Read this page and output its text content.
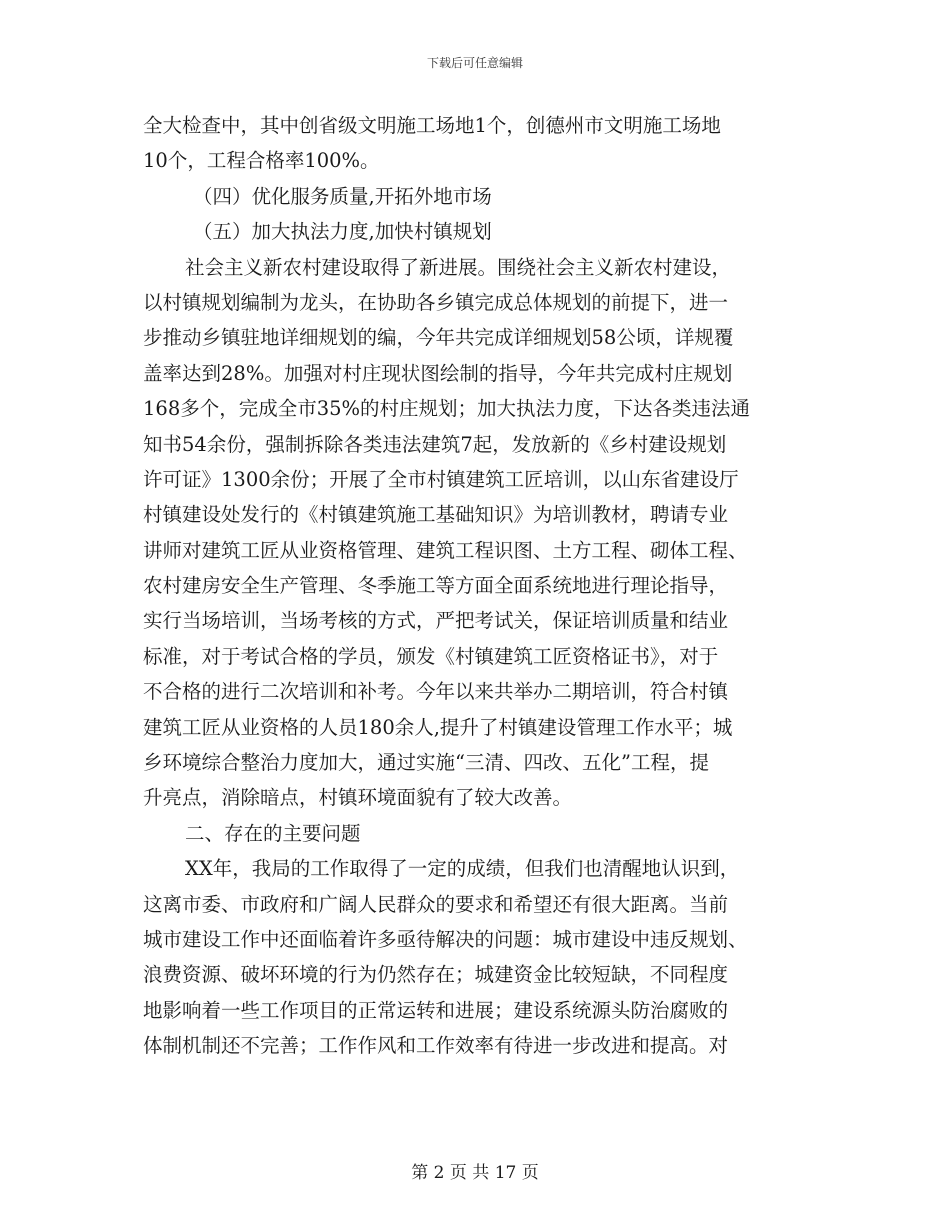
下载后可任意编辑
全大检查中，其中创省级文明施工场地1个，创德州市文明施工场地
10个，工程合格率100%。
（四）优化服务质量,开拓外地市场
（五）加大执法力度,加快村镇规划
社会主义新农村建设取得了新进展。围绕社会主义新农村建设，
以村镇规划编制为龙头，在协助各乡镇完成总体规划的前提下，进一
步推动乡镇驻地详细规划的编，今年共完成详细规划58公顷，详规覆
盖率达到28%。加强对村庄现状图绘制的指导，今年共完成村庄规划
168多个，完成全市35%的村庄规划；加大执法力度，下达各类违法通
知书54余份，强制拆除各类违法建筑7起，发放新的《乡村建设规划
许可证》1300余份；开展了全市村镇建筑工匠培训，以山东省建设厅
村镇建设处发行的《村镇建筑施工基础知识》为培训教材，聘请专业
讲师对建筑工匠从业资格管理、建筑工程识图、土方工程、砌体工程、
农村建房安全生产管理、冬季施工等方面全面系统地进行理论指导，
实行当场培训，当场考核的方式，严把考试关，保证培训质量和结业
标准，对于考试合格的学员，颁发《村镇建筑工匠资格证书》，对于
不合格的进行二次培训和补考。今年以来共举办二期培训，符合村镇
建筑工匠从业资格的人员180余人,提升了村镇建设管理工作水平；城
乡环境综合整治力度加大，通过实施“三清、四改、五化”工程，提
升亮点，消除暗点，村镇环境面貌有了较大改善。
二、存在的主要问题
XX年，我局的工作取得了一定的成绩，但我们也清醒地认识到，
这离市委、市政府和广阔人民群众的要求和希望还有很大距离。当前
城市建设工作中还面临着许多亟待解决的问题：城市建设中违反规划、
浪费资源、破坏环境的行为仍然存在；城建资金比较短缺，不同程度
地影响着一些工作项目的正常运转和进展；建设系统源头防治腐败的
体制机制还不完善；工作作风和工作效率有待进一步改进和提高。对
第 2 页 共 17 页
